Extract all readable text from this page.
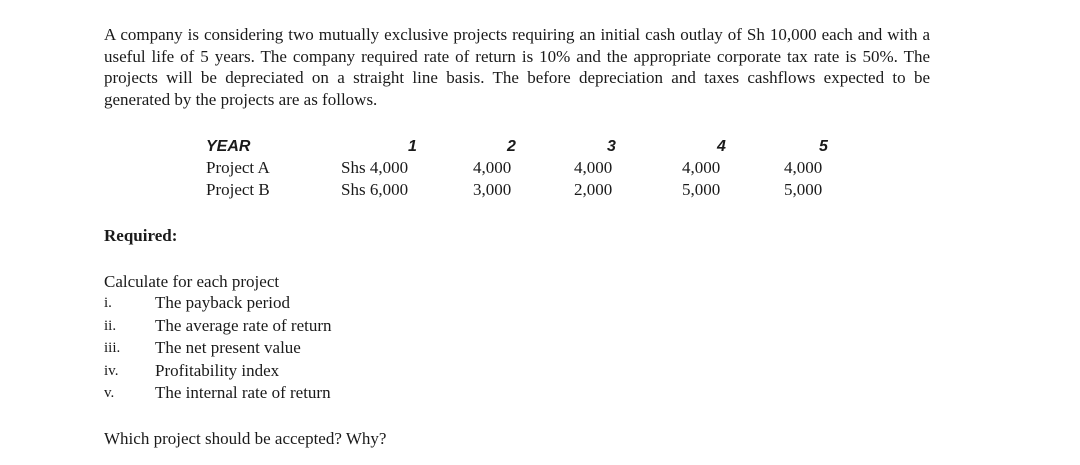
A company is considering two mutually exclusive projects requiring an initial cash outlay of Sh 10,000 each and with a useful life of 5 years. The company required rate of return is 10% and the appropriate corporate tax rate is 50%. The projects will be depreciated on a straight line basis. The before depreciation and taxes cashflows expected to be generated by the projects are as follows.

YEAR	1	2	3	4	5
Project A	Shs 4,000	4,000	4,000	4,000	4,000
Project B	Shs 6,000	3,000	2,000	5,000	5,000

Required:

Calculate for each project

i.	The payback period
ii. The average rate of return
iii. The net present value
iv. Profitability index
v. The internal rate of return

Which project should be accepted? Why?
